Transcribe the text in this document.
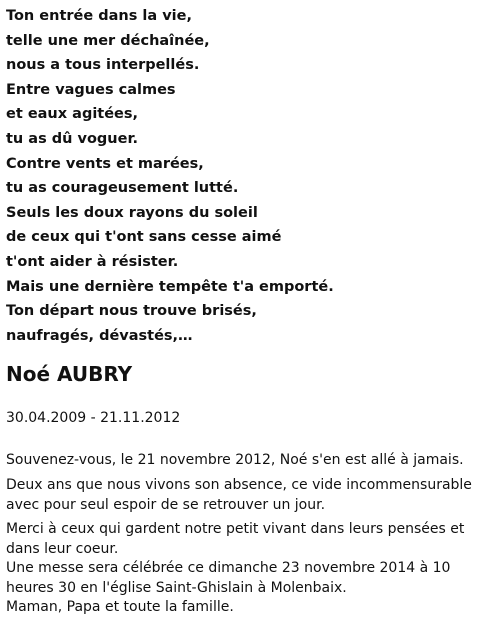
Ton entrée dans la vie,
telle une mer déchaînée,
nous a tous interpellés.
Entre vagues calmes
et eaux agitées,
tu as dû voguer.
Contre vents et marées,
tu as courageusement lutté.
Seuls les doux rayons du soleil
de ceux qui t'ont sans cesse aimé
t'ont aider à résister.
Mais une dernière tempête t'a emporté.
Ton départ nous trouve brisés,
naufragés, dévastés,…
Noé AUBRY
30.04.2009 - 21.11.2012

Souvenez-vous, le 21 novembre 2012, Noé s'en est allé à jamais.

Deux ans que nous vivons son absence, ce vide incommensurable avec pour seul espoir de se retrouver un jour.

Merci à ceux qui gardent notre petit vivant dans leurs pensées et dans leur coeur.
Une messe sera célébrée ce dimanche 23 novembre 2014 à 10 heures 30 en l'église Saint-Ghislain à Molenbaix.
Maman, Papa et toute la famille.
